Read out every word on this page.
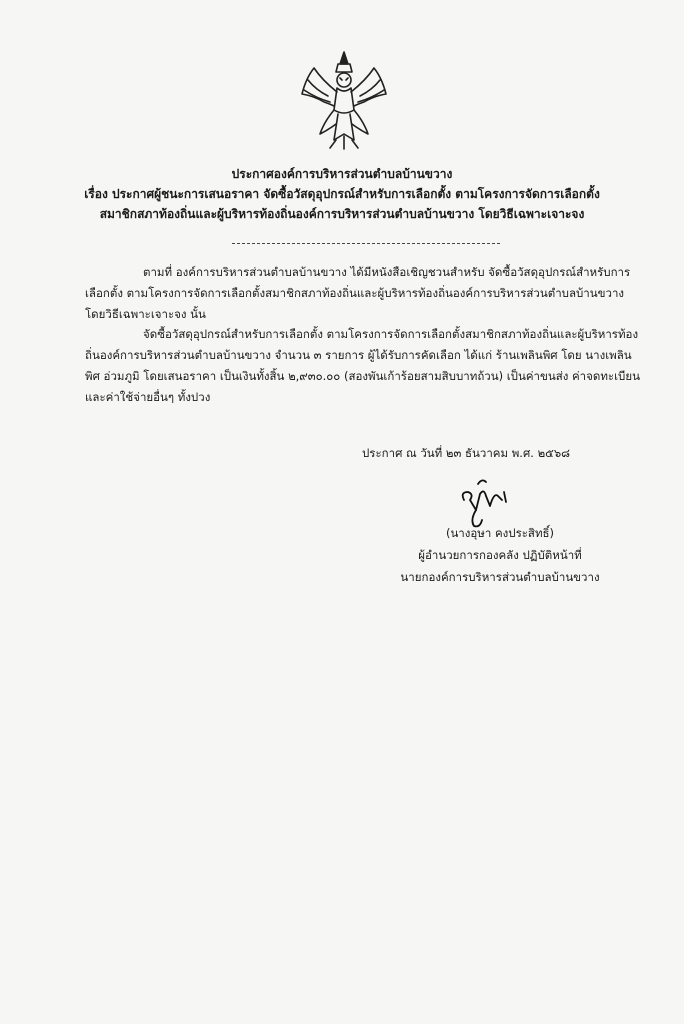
ประกาศองค์การบริหารส่วนตำบลบ้านขวาง
เรื่อง ประกาศผู้ชนะการเสนอราคา จัดซื้อวัสดุอุปกรณ์สำหรับการเลือกตั้ง ตามโครงการจัดการเลือกตั้ง
สมาชิกสภาท้องถิ่นและผู้บริหารท้องถิ่นองค์การบริหารส่วนตำบลบ้านขวาง โดยวิธีเฉพาะเจาะจง
ตามที่ องค์การบริหารส่วนตำบลบ้านขวาง ได้มีหนังสือเชิญชวนสำหรับ จัดซื้อวัสดุอุปกรณ์สำหรับการเลือกตั้ง ตามโครงการจัดการเลือกตั้งสมาชิกสภาท้องถิ่นและผู้บริหารท้องถิ่นองค์การบริหารส่วนตำบลบ้านขวาง โดยวิธีเฉพาะเจาะจง นั้น
จัดซื้อวัสดุอุปกรณ์สำหรับการเลือกตั้ง ตามโครงการจัดการเลือกตั้งสมาชิกสภาท้องถิ่นและผู้บริหารท้องถิ่นองค์การบริหารส่วนตำบลบ้านขวาง จำนวน ๓ รายการ ผู้ได้รับการคัดเลือก ได้แก่ ร้านเพลินพิศ โดย นางเพลินพิศ อ่วมภูมิ โดยเสนอราคา เป็นเงินทั้งสิ้น ๒,๙๓๐.๐๐ (สองพันเก้าร้อยสามสิบบาทถ้วน) เป็นค่าขนส่ง ค่าจดทะเบียน และค่าใช้จ่ายอื่นๆ ทั้งปวง
ประกาศ ณ วันที่ ๒๓ ธันวาคม พ.ศ. ๒๕๖๘
(นางอุษา คงประสิทธิ์)
ผู้อำนวยการกองคลัง ปฏิบัติหน้าที่
นายกองค์การบริหารส่วนตำบลบ้านขวาง
